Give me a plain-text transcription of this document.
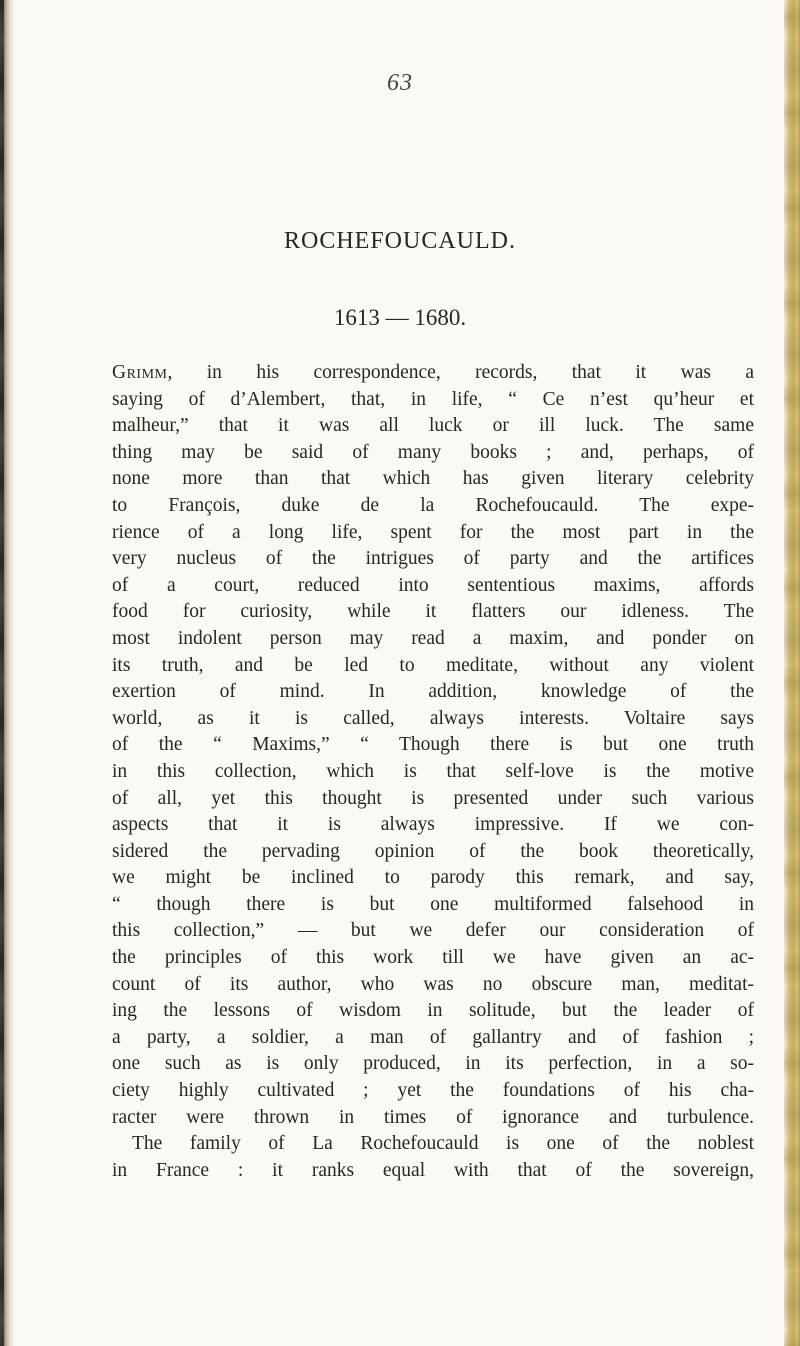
63
ROCHEFOUCAULD.
1613 — 1680.
Grimm, in his correspondence, records, that it was a
saying of d’Alembert, that, in life, “ Ce n’est qu’heur et
malheur,” that it was all luck or ill luck. The same
thing may be said of many books ; and, perhaps, of
none more than that which has given literary celebrity
to François, duke de la Rochefoucauld. The expe-
rience of a long life, spent for the most part in the
very nucleus of the intrigues of party and the artifices
of a court, reduced into sententious maxims, affords
food for curiosity, while it flatters our idleness. The
most indolent person may read a maxim, and ponder on
its truth, and be led to meditate, without any violent
exertion of mind. In addition, knowledge of the
world, as it is called, always interests. Voltaire says
of the “ Maxims,” “ Though there is but one truth
in this collection, which is that self-love is the motive
of all, yet this thought is presented under such various
aspects that it is always impressive. If we con-
sidered the pervading opinion of the book theoretically,
we might be inclined to parody this remark, and say,
“ though there is but one multiformed falsehood in
this collection,” — but we defer our consideration of
the principles of this work till we have given an ac-
count of its author, who was no obscure man, meditat-
ing the lessons of wisdom in solitude, but the leader of
a party, a soldier, a man of gallantry and of fashion ;
one such as is only produced, in its perfection, in a so-
ciety highly cultivated ; yet the foundations of his cha-
racter were thrown in times of ignorance and turbulence.
The family of La Rochefoucauld is one of the noblest
in France : it ranks equal with that of the sovereign,
